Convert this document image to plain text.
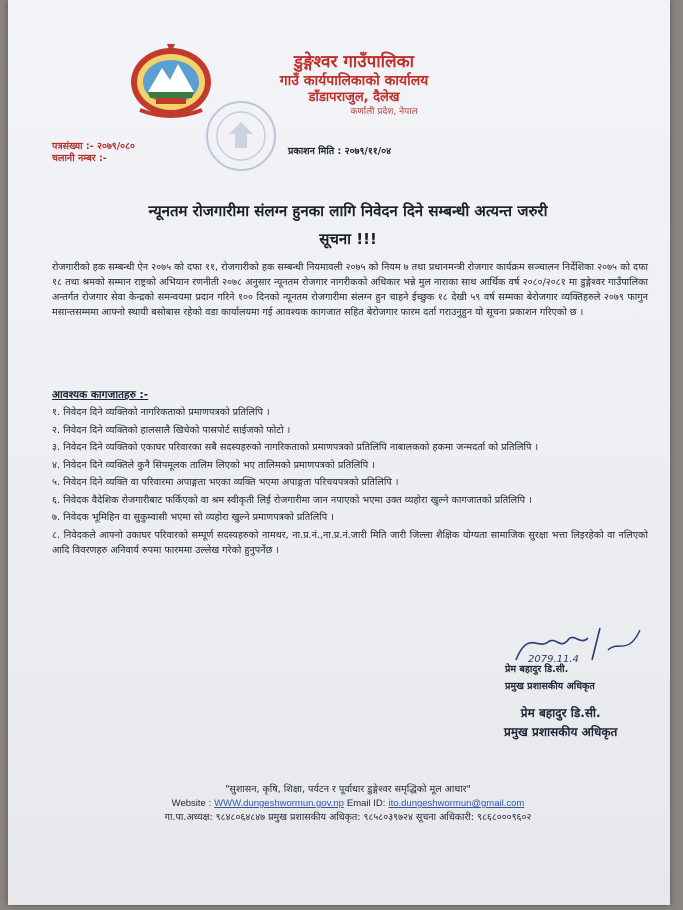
डुङ्गेश्वर गाउँपालिका
गाउँ कार्यपालिकाको कार्यालय
डाँडापराजुल, दैलेख
कर्णाली प्रदेश, नेपाल
पत्रसंख्या :- २०७९/०८०
चलानी नम्बर :-
प्रकाशन मिति : २०७९/११/०४
न्यूनतम रोजगारीमा संलग्न हुनका लागि निवेदन दिने सम्बन्धी अत्यन्त जरुरी
सूचना !!!
रोजगारीको हक सम्बन्धी ऐन २०७५ को दफा ११, रोजगारीको हक सम्बन्धी नियमावली २०७५ को नियम ७ तथा प्रधानमन्त्री रोजगार कार्यक्रम सञ्चालन निर्देशिका २०७५ को दफा १८ तथा श्रमको सम्मान राष्ट्रको अभियान रणनीती २०७८ अनुसार न्यूनतम रोजगार नागरीकको अधिकार भन्ने मुल नाराका साथ आर्थिक वर्ष २०८०/२०८१ मा डुङ्गेश्वर गाउँपालिका अन्तर्गत रोजगार सेवा केन्द्रको समन्वयमा प्रदान गरिने १०० दिनको न्यूनतम रोजगारीमा संलग्न हुन चाहने ईच्छुक १८ देखी ५९ वर्ष सम्मका बेरोजगार व्यक्तिहरुले २०७९ फागुन मसान्तसम्ममा आफ्नो स्थायी बसोबास रहेको वडा कार्यालयमा गई आवश्यक कागजात सहित बेरोजगार फारम दर्ता गराउनुहुन यो सूचना प्रकाशन गरिएको छ ।
आवश्यक कागजातहरु :-
१. निवेदन दिने व्यक्तिको नागरिकताको प्रमाणपत्रको प्रतिलिपि ।
२. निवेदन दिने व्यक्तिको हालसालै खिचेको पासपोर्ट साईजको फोटो ।
३. निवेदन दिने व्यक्तिको एकाघर परिवारका सबै सदस्यहरुको नागरिकताको प्रमाणपत्रको प्रतिलिपि नाबालकको हकमा जन्मदर्ता को प्रतिलिपि ।
४. निवेदन दिने व्यक्तिले कुनै सिपमूलक तालिम लिएको भए तालिमको प्रमाणपत्रको प्रतिलिपि ।
५. निवेदन दिने व्यक्ति वा परिवारमा अपाङ्गता भएका व्यक्ति भएमा अपाङ्गता परिचयपत्रको प्रतिलिपि ।
६. निवेदक वैदेशिक रोजगारीबाट फर्किएको वा श्रम स्वीकृती लिई रोजगारीमा जान नपाएको भएमा उक्त व्यहोरा खुल्ने कागजातको प्रतिलिपि ।
७. निवेदक भूमिहिन वा सुकुम्वासी भएमा सो व्यहोरा खुल्ने प्रमाणपत्रको प्रतिलिपि ।
८. निवेदकले आफ्नो उकाघर परिवारको सम्पूर्ण सदस्यहरुको नामथर, ना.प्र.नं.,ना.प्र.नं.जारी मिति जारी जिल्ला शैक्षिक योग्यता सामाजिक सुरक्षा भत्ता लिइरहेको वा नलिएको आदि विवरणहरु अनिवार्य रुपमा फारममा उल्लेख गरेको हुनुपर्नेछ ।
2079.11.4
प्रेम बहादुर डि.सी.
प्रमुख प्रशासकीय अधिकृत
प्रेम बहादुर डि.सी.
प्रमुख प्रशासकीय अधिकृत
"सुशासन, कृषि, शिक्षा, पर्यटन र पूर्वाधार डुङ्गेश्वर समृद्धिको मूल आधार"
Website : WWW.dungeshwormun.gov.np Email ID: ito.dungeshwormun@gmail.com
गा.पा.अध्यक्ष: ९८४८०६४८४७ प्रमुख प्रशासकीय अधिकृत: ९८५८०३९७२४ सूचना अधिकारी: ९८६८०००९६०२
